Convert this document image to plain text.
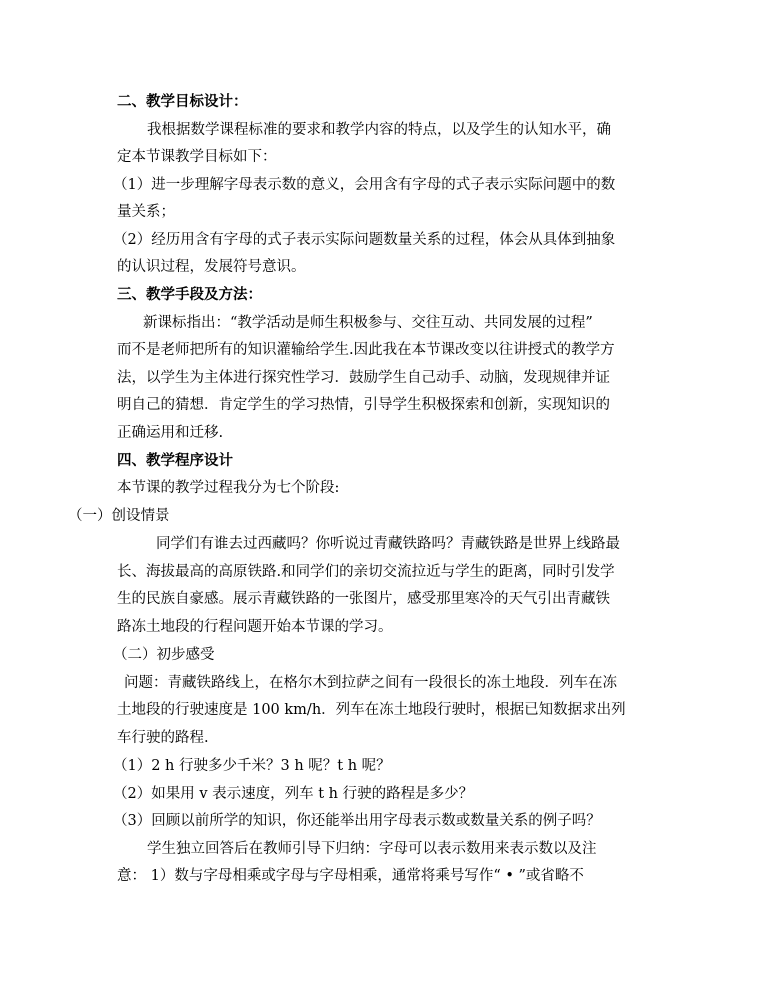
二、教学目标设计：
我根据数学课程标准的要求和教学内容的特点，以及学生的认知水平，确
定本节课教学目标如下：
（1）进一步理解字母表示数的意义，会用含有字母的式子表示实际问题中的数
量关系；
（2）经历用含有字母的式子表示实际问题数量关系的过程，体会从具体到抽象
的认识过程，发展符号意识。
三、教学手段及方法：
新课标指出：“教学活动是师生积极参与、交往互动、共同发展的过程”
而不是老师把所有的知识灌输给学生.因此我在本节课改变以往讲授式的教学方
法，以学生为主体进行探究性学习．鼓励学生自己动手、动脑，发现规律并证
明自己的猜想．肯定学生的学习热情，引导学生积极探索和创新，实现知识的
正确运用和迁移.
四、教学程序设计
本节课的教学过程我分为七个阶段:
（一）创设情景
同学们有谁去过西藏吗？你听说过青藏铁路吗？青藏铁路是世界上线路最
长、海拔最高的高原铁路.和同学们的亲切交流拉近与学生的距离，同时引发学
生的民族自豪感。展示青藏铁路的一张图片，感受那里寒冷的天气引出青藏铁
路冻土地段的行程问题开始本节课的学习。
（二）初步感受
问题：青藏铁路线上，在格尔木到拉萨之间有一段很长的冻土地段．列车在冻
土地段的行驶速度是 100 km/h．列车在冻土地段行驶时，根据已知数据求出列
车行驶的路程.
（1）2 h 行驶多少千米？3 h 呢？t h 呢？
（2）如果用 v 表示速度，列车 t h 行驶的路程是多少？
（3）回顾以前所学的知识，你还能举出用字母表示数或数量关系的例子吗？
学生独立回答后在教师引导下归纳：字母可以表示数用来表示数以及注
意： 1）数与字母相乘或字母与字母相乘，通常将乘号写作“ • ”或省略不
